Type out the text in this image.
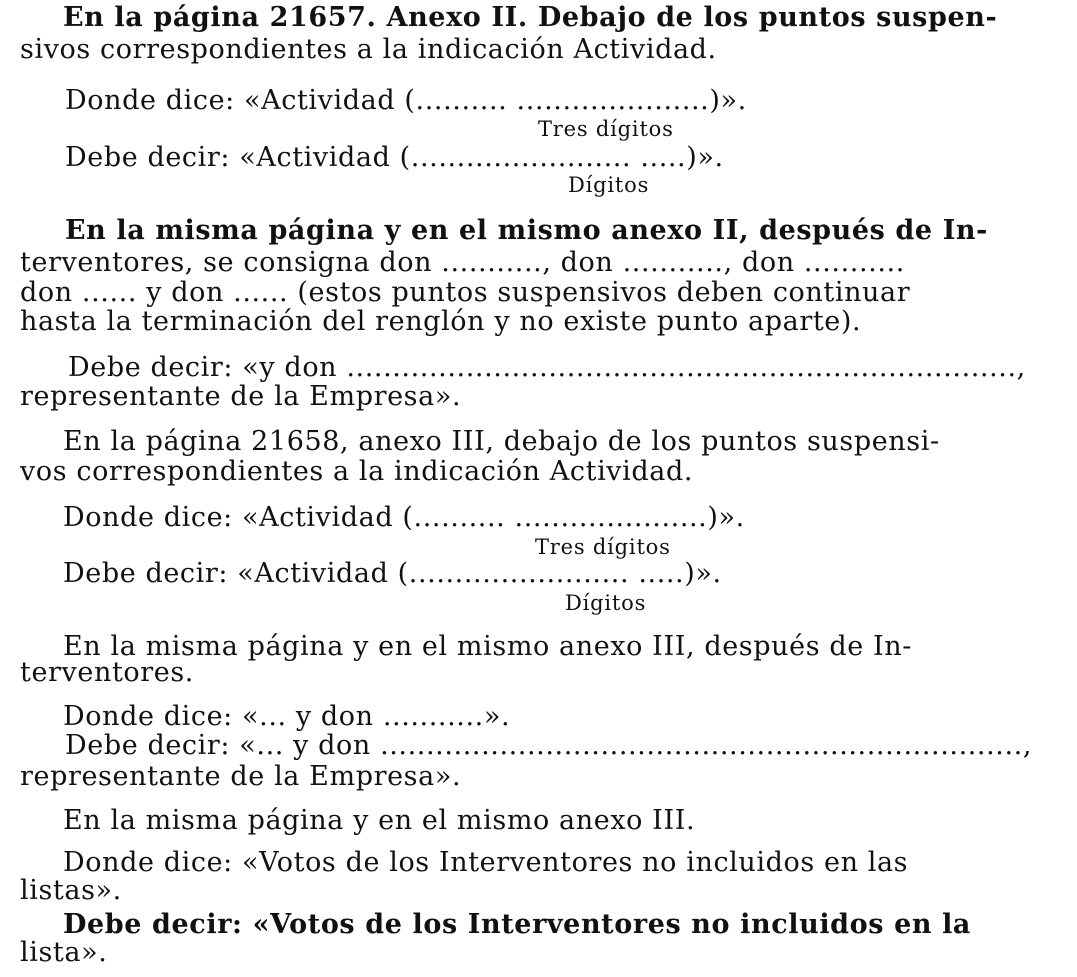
En la página 21657. Anexo II. Debajo de los puntos suspen-
sivos correspondientes a la indicación Actividad.
Donde dice: «Actividad (.......... .....................)».
Tres dígitos
Debe decir: «Actividad (........................ .....)».
Dígitos
En la misma página y en el mismo anexo II, después de In-
terventores, se consigna don ..........., don ..........., don ...........
don ...... y don ...... (estos puntos suspensivos deben continuar
hasta la terminación del renglón y no existe punto aparte).
Debe decir: «y don .........................................................................,
representante de la Empresa».
En la página 21658, anexo III, debajo de los puntos suspensi-
vos correspondientes a la indicación Actividad.
Donde dice: «Actividad (.......... .....................)».
Tres dígitos
Debe decir: «Actividad (........................ .....)».
Dígitos
En la misma página y en el mismo anexo III, después de In-
terventores.
Donde dice: «... y don ...........».
Debe decir: «... y don ......................................................................,
representante de la Empresa».
En la misma página y en el mismo anexo III.
Donde dice: «Votos de los Interventores no incluidos en las
listas».
Debe decir: «Votos de los Interventores no incluidos en la
lista».
